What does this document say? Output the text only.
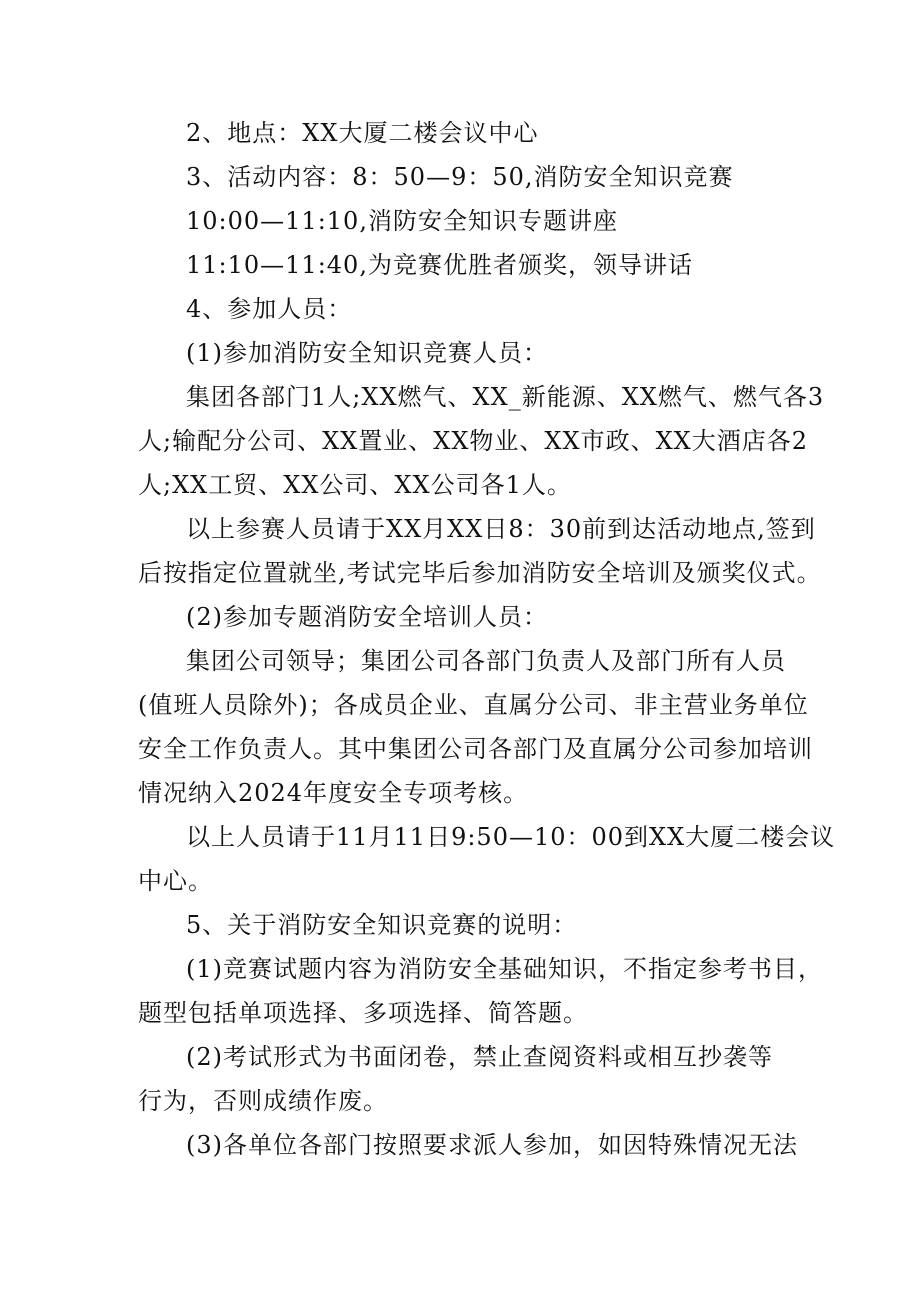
2、地点：XX大厦二楼会议中心
3、活动内容：8：50—9：50,消防安全知识竞赛
10:00—11:10,消防安全知识专题讲座
11:10—11:40,为竞赛优胜者颁奖，领导讲话
4、参加人员：
(1)参加消防安全知识竞赛人员：
集团各部门1人;XX燃气、XX_新能源、XX燃气、燃气各3
人;输配分公司、XX置业、XX物业、XX市政、XX大酒店各2
人;XX工贸、XX公司、XX公司各1人。
以上参赛人员请于XX月XX日8：30前到达活动地点,签到
后按指定位置就坐,考试完毕后参加消防安全培训及颁奖仪式。
(2)参加专题消防安全培训人员：
集团公司领导；集团公司各部门负责人及部门所有人员
(值班人员除外)；各成员企业、直属分公司、非主营业务单位
安全工作负责人。其中集团公司各部门及直属分公司参加培训
情况纳入2024年度安全专项考核。
以上人员请于11月11日9:50—10：00到XX大厦二楼会议
中心。
5、关于消防安全知识竞赛的说明：
(1)竞赛试题内容为消防安全基础知识，不指定参考书目，
题型包括单项选择、多项选择、简答题。
(2)考试形式为书面闭卷，禁止查阅资料或相互抄袭等
行为，否则成绩作废。
(3)各单位各部门按照要求派人参加，如因特殊情况无法
